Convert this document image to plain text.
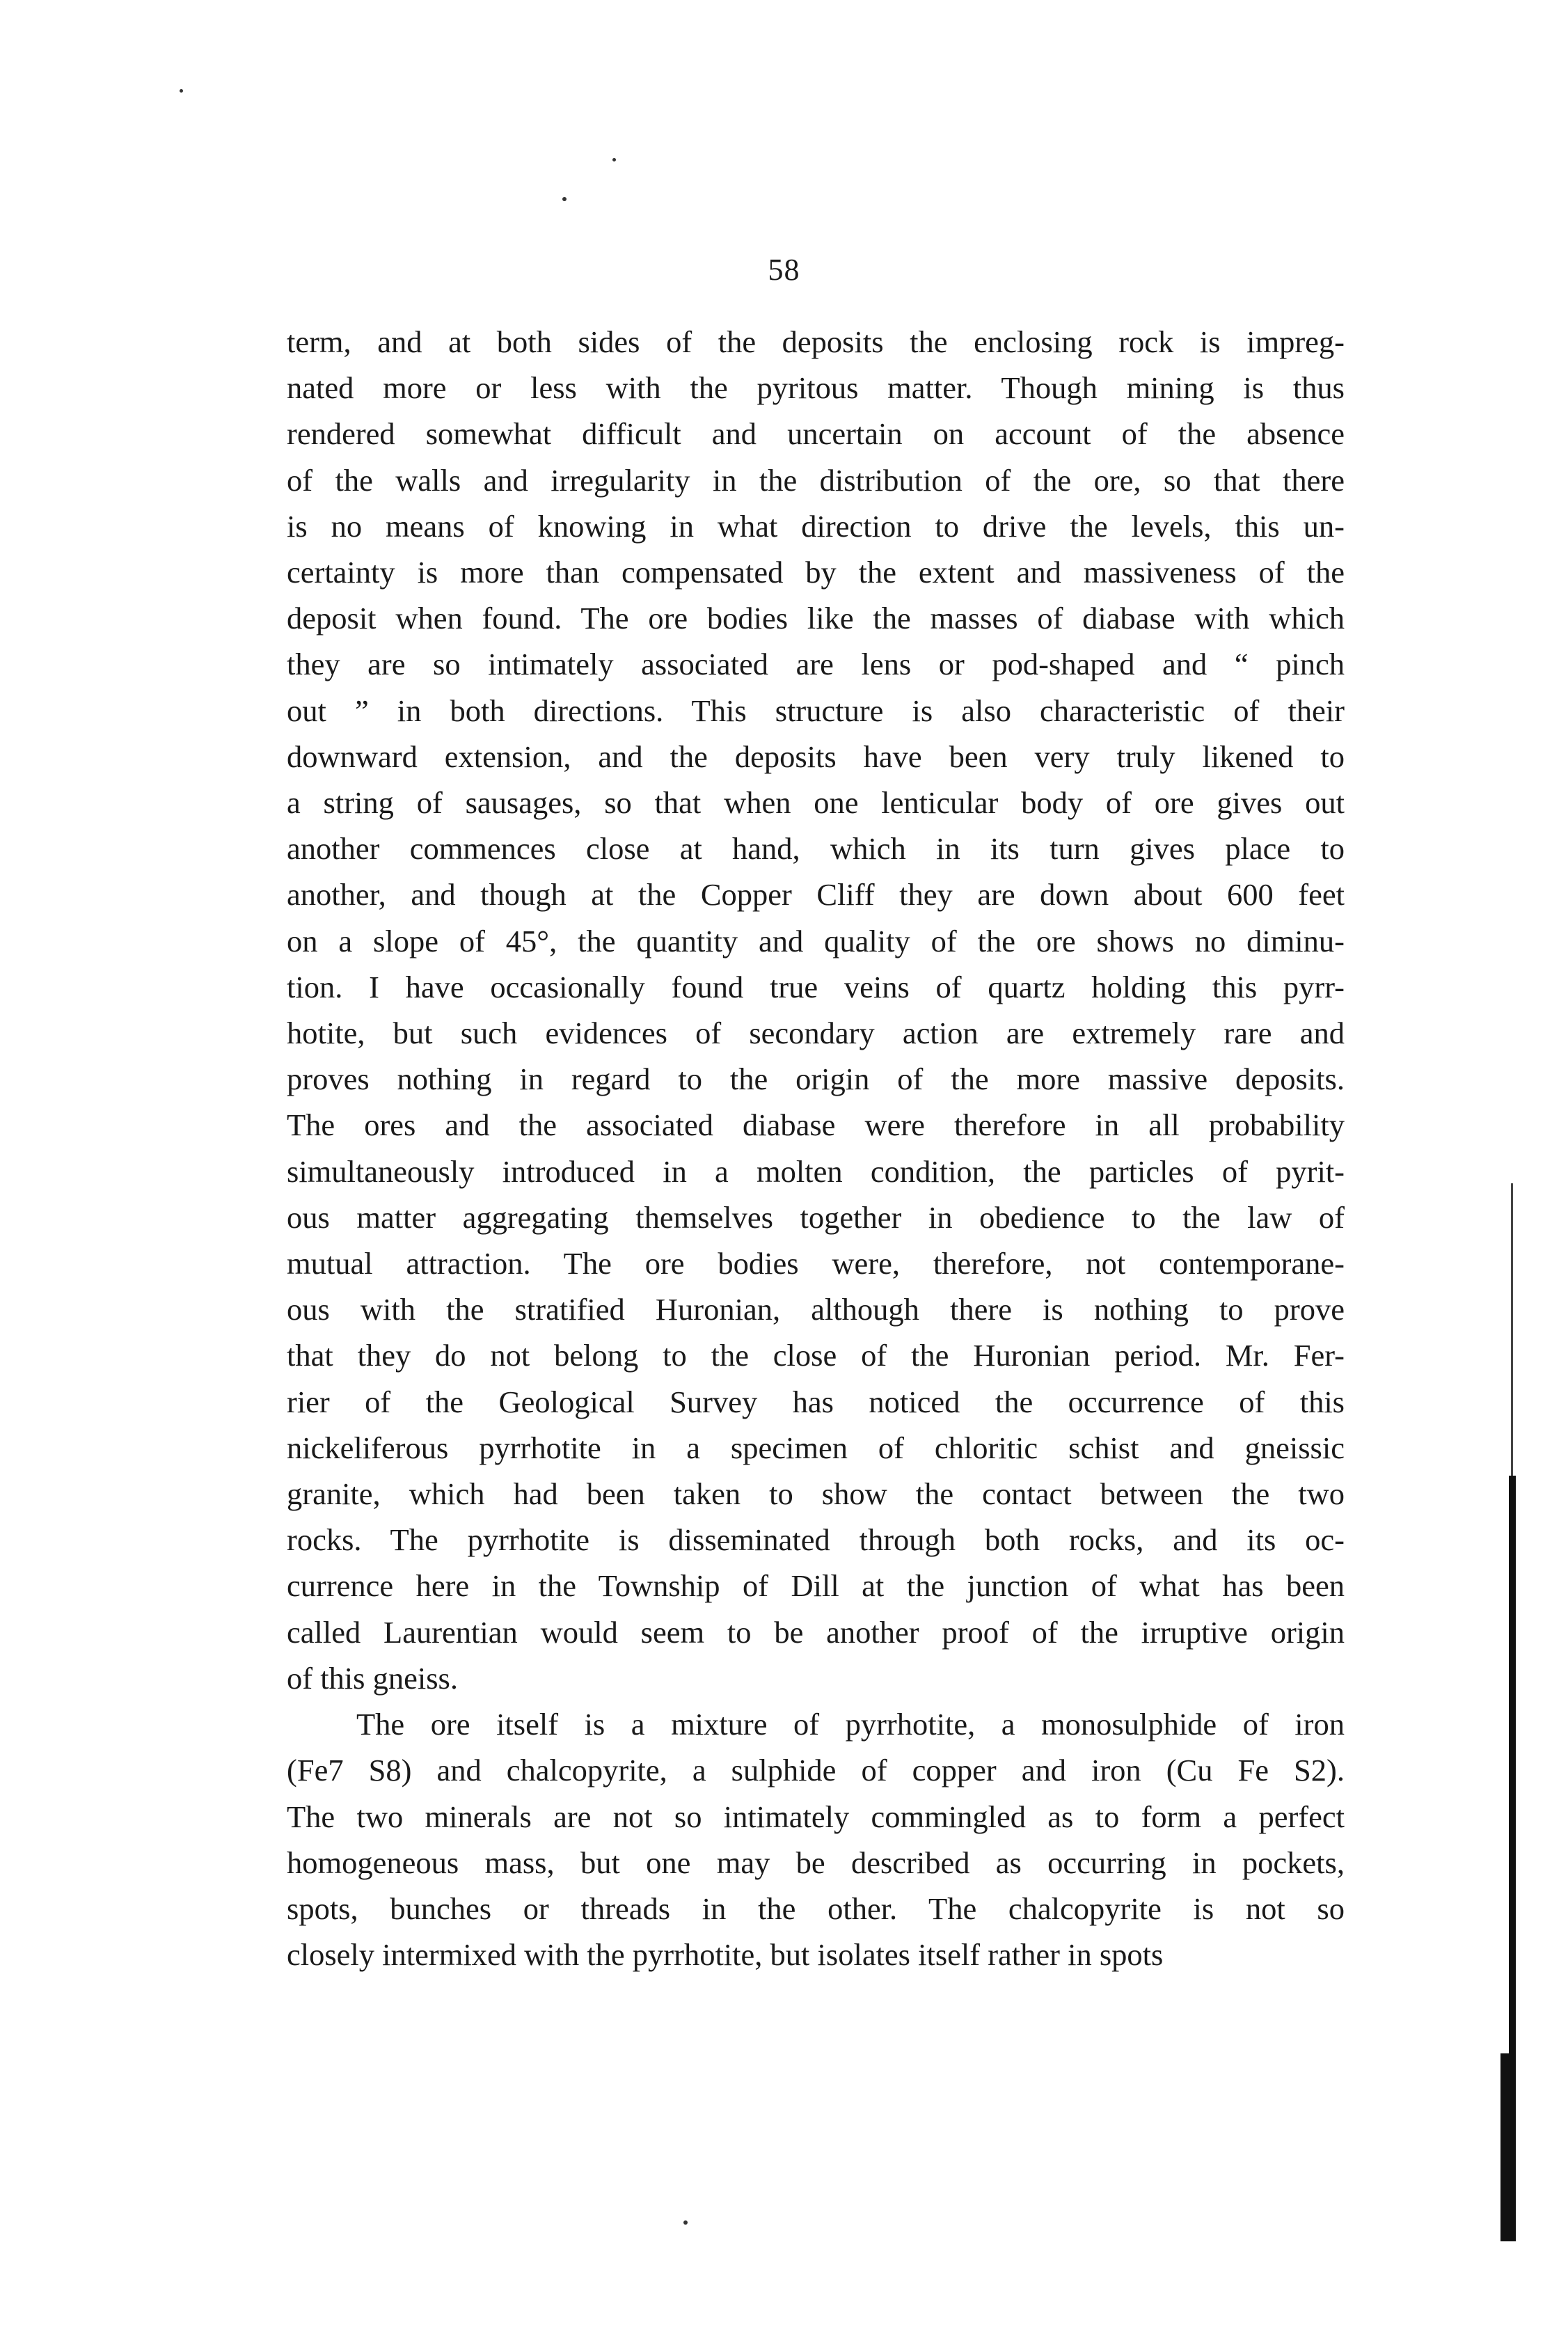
58
term, and at both sides of the deposits the enclosing rock is impreg-
nated more or less with the pyritous matter. Though mining is thus
rendered somewhat difficult and uncertain on account of the absence
of the walls and irregularity in the distribution of the ore, so that there
is no means of knowing in what direction to drive the levels, this un-
certainty is more than compensated by the extent and massiveness of the
deposit when found. The ore bodies like the masses of diabase with which
they are so intimately associated are lens or pod-shaped and “ pinch
out ” in both directions. This structure is also characteristic of their
downward extension, and the deposits have been very truly likened to
a string of sausages, so that when one lenticular body of ore gives out
another commences close at hand, which in its turn gives place to
another, and though at the Copper Cliff they are down about 600 feet
on a slope of 45°, the quantity and quality of the ore shows no diminu-
tion. I have occasionally found true veins of quartz holding this pyrr-
hotite, but such evidences of secondary action are extremely rare and
proves nothing in regard to the origin of the more massive deposits.
The ores and the associated diabase were therefore in all probability
simultaneously introduced in a molten condition, the particles of pyrit-
ous matter aggregating themselves together in obedience to the law of
mutual attraction. The ore bodies were, therefore, not contemporane-
ous with the stratified Huronian, although there is nothing to prove
that they do not belong to the close of the Huronian period. Mr. Fer-
rier of the Geological Survey has noticed the occurrence of this
nickeliferous pyrrhotite in a specimen of chloritic schist and gneissic
granite, which had been taken to show the contact between the two
rocks. The pyrrhotite is disseminated through both rocks, and its oc-
currence here in the Township of Dill at the junction of what has been
called Laurentian would seem to be another proof of the irruptive origin
of this gneiss.
The ore itself is a mixture of pyrrhotite, a monosulphide of iron
(Fe7 S8) and chalcopyrite, a sulphide of copper and iron (Cu Fe S2).
The two minerals are not so intimately commingled as to form a perfect
homogeneous mass, but one may be described as occurring in pockets,
spots, bunches or threads in the other. The chalcopyrite is not so
closely intermixed with the pyrrhotite, but isolates itself rather in spots
